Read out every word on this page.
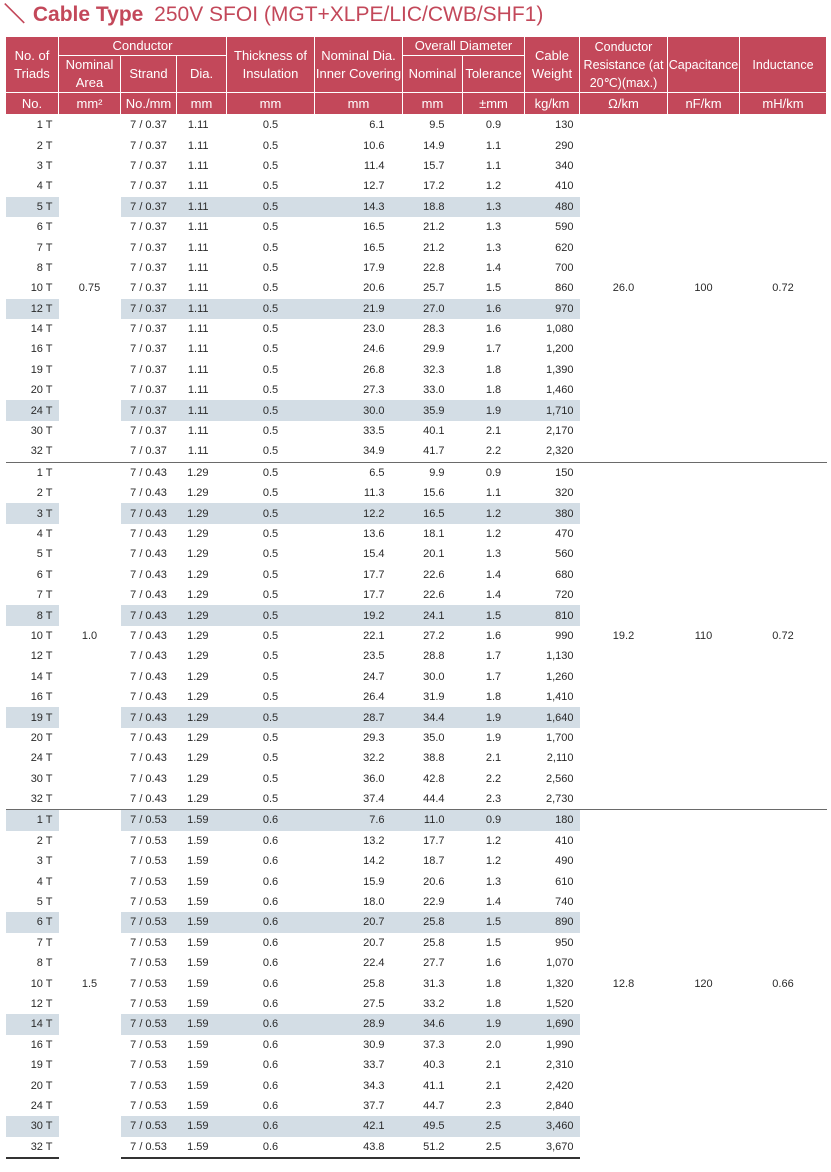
＼ Cable Type 250V SFOI (MGT+XLPE/LIC/CWB/SHF1)
No. of Triads	Conductor			Thickness of Insulation	Nominal Dia. Inner Covering	Overall Diameter		Cable Weight	Conductor Resistance (at 20℃)(max.)	Capacitance	Inductance
	Nominal Area	Strand	Dia.			Nominal	Tolerance				
No.	mm²	No./mm	mm	mm	mm	mm	±mm	kg/km	Ω/km	nF/km	mH/km
1 T	0.75	7 / 0.37	1.11	0.5	6.1	9.5	0.9	130	26.0	100	0.72
2 T		7 / 0.37	1.11	0.5	10.6	14.9	1.1	290			
3 T		7 / 0.37	1.11	0.5	11.4	15.7	1.1	340			
4 T		7 / 0.37	1.11	0.5	12.7	17.2	1.2	410			
5 T		7 / 0.37	1.11	0.5	14.3	18.8	1.3	480			
6 T		7 / 0.37	1.11	0.5	16.5	21.2	1.3	590			
7 T		7 / 0.37	1.11	0.5	16.5	21.2	1.3	620			
8 T		7 / 0.37	1.11	0.5	17.9	22.8	1.4	700			
10 T		7 / 0.37	1.11	0.5	20.6	25.7	1.5	860			
12 T		7 / 0.37	1.11	0.5	21.9	27.0	1.6	970			
14 T		7 / 0.37	1.11	0.5	23.0	28.3	1.6	1,080			
16 T		7 / 0.37	1.11	0.5	24.6	29.9	1.7	1,200			
19 T		7 / 0.37	1.11	0.5	26.8	32.3	1.8	1,390			
20 T		7 / 0.37	1.11	0.5	27.3	33.0	1.8	1,460			
24 T		7 / 0.37	1.11	0.5	30.0	35.9	1.9	1,710			
30 T		7 / 0.37	1.11	0.5	33.5	40.1	2.1	2,170			
32 T		7 / 0.37	1.11	0.5	34.9	41.7	2.2	2,320			
1 T	1.0	7 / 0.43	1.29	0.5	6.5	9.9	0.9	150	19.2	110	0.72
2 T		7 / 0.43	1.29	0.5	11.3	15.6	1.1	320			
3 T		7 / 0.43	1.29	0.5	12.2	16.5	1.2	380			
4 T		7 / 0.43	1.29	0.5	13.6	18.1	1.2	470			
5 T		7 / 0.43	1.29	0.5	15.4	20.1	1.3	560			
6 T		7 / 0.43	1.29	0.5	17.7	22.6	1.4	680			
7 T		7 / 0.43	1.29	0.5	17.7	22.6	1.4	720			
8 T		7 / 0.43	1.29	0.5	19.2	24.1	1.5	810			
10 T		7 / 0.43	1.29	0.5	22.1	27.2	1.6	990			
12 T		7 / 0.43	1.29	0.5	23.5	28.8	1.7	1,130			
14 T		7 / 0.43	1.29	0.5	24.7	30.0	1.7	1,260			
16 T		7 / 0.43	1.29	0.5	26.4	31.9	1.8	1,410			
19 T		7 / 0.43	1.29	0.5	28.7	34.4	1.9	1,640			
20 T		7 / 0.43	1.29	0.5	29.3	35.0	1.9	1,700			
24 T		7 / 0.43	1.29	0.5	32.2	38.8	2.1	2,110			
30 T		7 / 0.43	1.29	0.5	36.0	42.8	2.2	2,560			
32 T		7 / 0.43	1.29	0.5	37.4	44.4	2.3	2,730			
1 T	1.5	7 / 0.53	1.59	0.6	7.6	11.0	0.9	180	12.8	120	0.66
2 T		7 / 0.53	1.59	0.6	13.2	17.7	1.2	410			
3 T		7 / 0.53	1.59	0.6	14.2	18.7	1.2	490			
4 T		7 / 0.53	1.59	0.6	15.9	20.6	1.3	610			
5 T		7 / 0.53	1.59	0.6	18.0	22.9	1.4	740			
6 T		7 / 0.53	1.59	0.6	20.7	25.8	1.5	890			
7 T		7 / 0.53	1.59	0.6	20.7	25.8	1.5	950			
8 T		7 / 0.53	1.59	0.6	22.4	27.7	1.6	1,070			
10 T		7 / 0.53	1.59	0.6	25.8	31.3	1.8	1,320			
12 T		7 / 0.53	1.59	0.6	27.5	33.2	1.8	1,520			
14 T		7 / 0.53	1.59	0.6	28.9	34.6	1.9	1,690			
16 T		7 / 0.53	1.59	0.6	30.9	37.3	2.0	1,990			
19 T		7 / 0.53	1.59	0.6	33.7	40.3	2.1	2,310			
20 T		7 / 0.53	1.59	0.6	34.3	41.1	2.1	2,420			
24 T		7 / 0.53	1.59	0.6	37.7	44.7	2.3	2,840			
30 T		7 / 0.53	1.59	0.6	42.1	49.5	2.5	3,460			
32 T		7 / 0.53	1.59	0.6	43.8	51.2	2.5	3,670			
